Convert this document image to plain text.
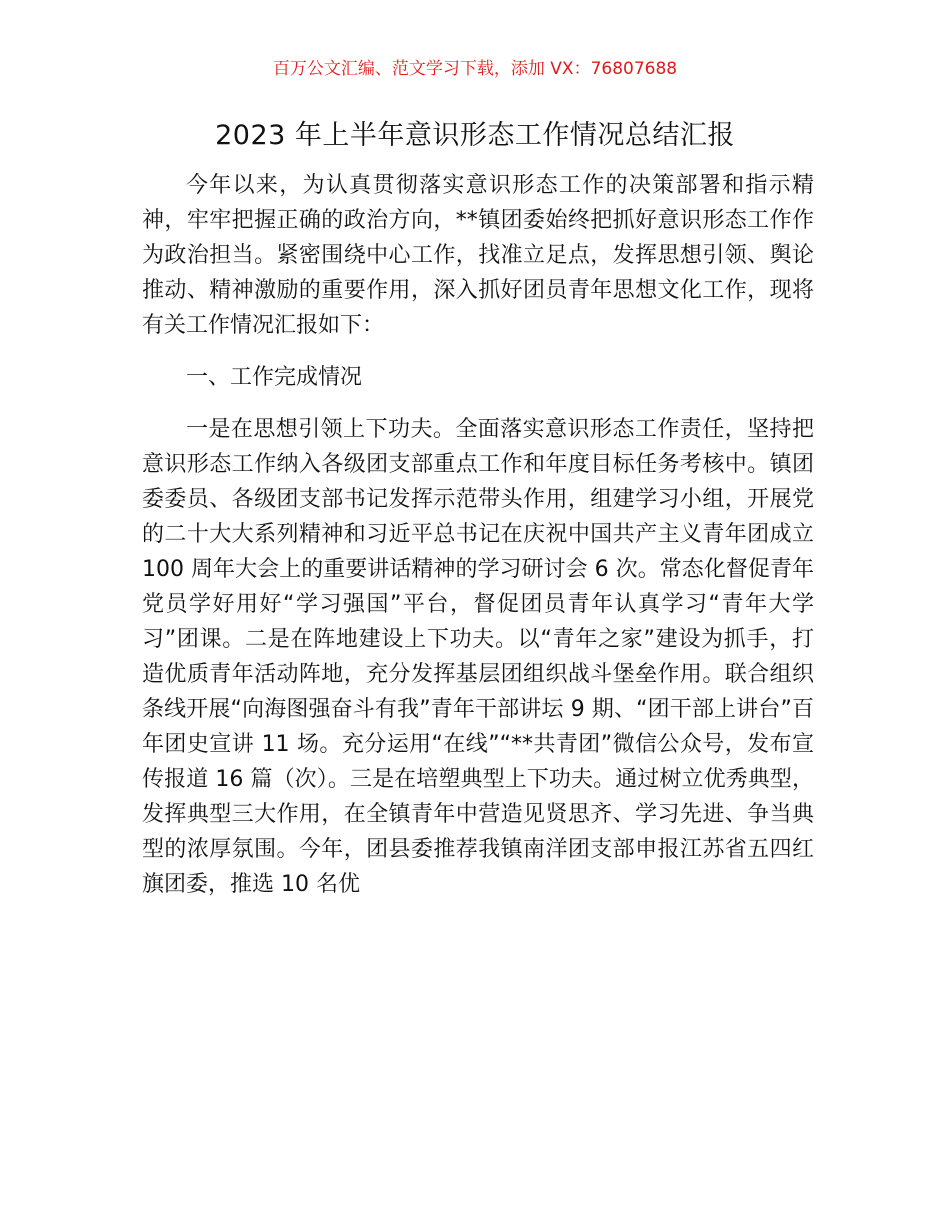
百万公文汇编、范文学习下载，添加 VX：76807688
2023 年上半年意识形态工作情况总结汇报

今年以来，为认真贯彻落实意识形态工作的决策部署和指示精神，牢牢把握正确的政治方向，**镇团委始终把抓好意识形态工作作为政治担当。紧密围绕中心工作，找准立足点，发挥思想引领、舆论推动、精神激励的重要作用，深入抓好团员青年思想文化工作，现将有关工作情况汇报如下：

一、工作完成情况

一是在思想引领上下功夫。全面落实意识形态工作责任，坚持把意识形态工作纳入各级团支部重点工作和年度目标任务考核中。镇团委委员、各级团支部书记发挥示范带头作用，组建学习小组，开展党的二十大大系列精神和习近平总书记在庆祝中国共产主义青年团成立 100 周年大会上的重要讲话精神的学习研讨会 6 次。常态化督促青年党员学好用好“学习强国”平台，督促团员青年认真学习“青年大学习”团课。二是在阵地建设上下功夫。以“青年之家”建设为抓手，打造优质青年活动阵地，充分发挥基层团组织战斗堡垒作用。联合组织条线开展“向海图强奋斗有我”青年干部讲坛 9 期、“团干部上讲台”百年团史宣讲 11 场。充分运用“在线”“**共青团”微信公众号，发布宣传报道 16 篇（次）。三是在培塑典型上下功夫。通过树立优秀典型，发挥典型三大作用，在全镇青年中营造见贤思齐、学习先进、争当典型的浓厚氛围。今年，团县委推荐我镇南洋团支部申报江苏省五四红旗团委，推选 10 名优
